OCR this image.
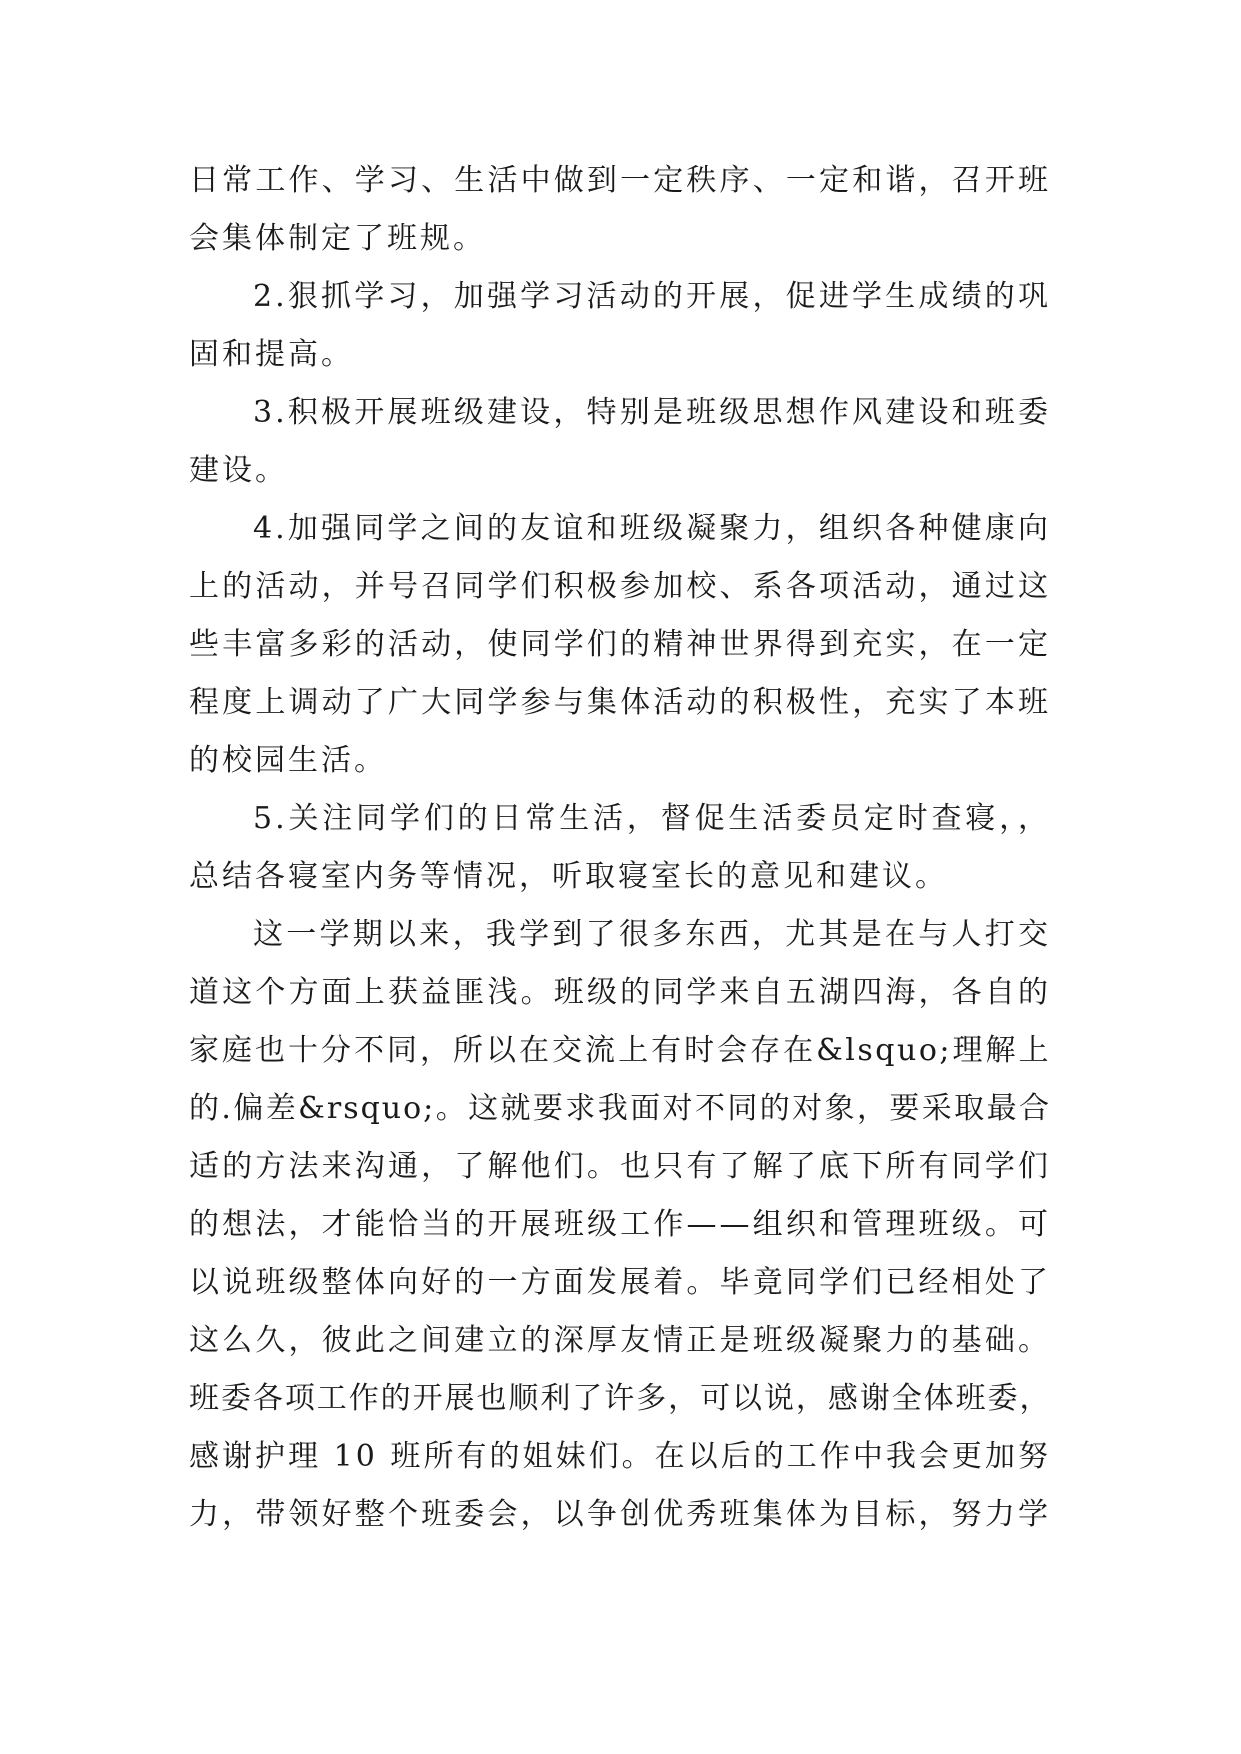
日常工作、学习、生活中做到一定秩序、一定和谐，召开班
会集体制定了班规。
2.狠抓学习，加强学习活动的开展，促进学生成绩的巩
固和提高。
3.积极开展班级建设，特别是班级思想作风建设和班委
建设。
4.加强同学之间的友谊和班级凝聚力，组织各种健康向
上的活动，并号召同学们积极参加校、系各项活动，通过这
些丰富多彩的活动，使同学们的精神世界得到充实，在一定
程度上调动了广大同学参与集体活动的积极性，充实了本班
的校园生活。
5.关注同学们的日常生活，督促生活委员定时查寝，，
总结各寝室内务等情况，听取寝室长的意见和建议。
这一学期以来，我学到了很多东西，尤其是在与人打交
道这个方面上获益匪浅。班级的同学来自五湖四海，各自的
家庭也十分不同，所以在交流上有时会存在&lsquo;理解上
的.偏差&rsquo;。这就要求我面对不同的对象，要采取最合
适的方法来沟通，了解他们。也只有了解了底下所有同学们
的想法，才能恰当的开展班级工作——组织和管理班级。可
以说班级整体向好的一方面发展着。毕竟同学们已经相处了
这么久，彼此之间建立的深厚友情正是班级凝聚力的基础。
班委各项工作的开展也顺利了许多，可以说，感谢全体班委，
感谢护理 10 班所有的姐妹们。在以后的工作中我会更加努
力，带领好整个班委会，以争创优秀班集体为目标，努力学
